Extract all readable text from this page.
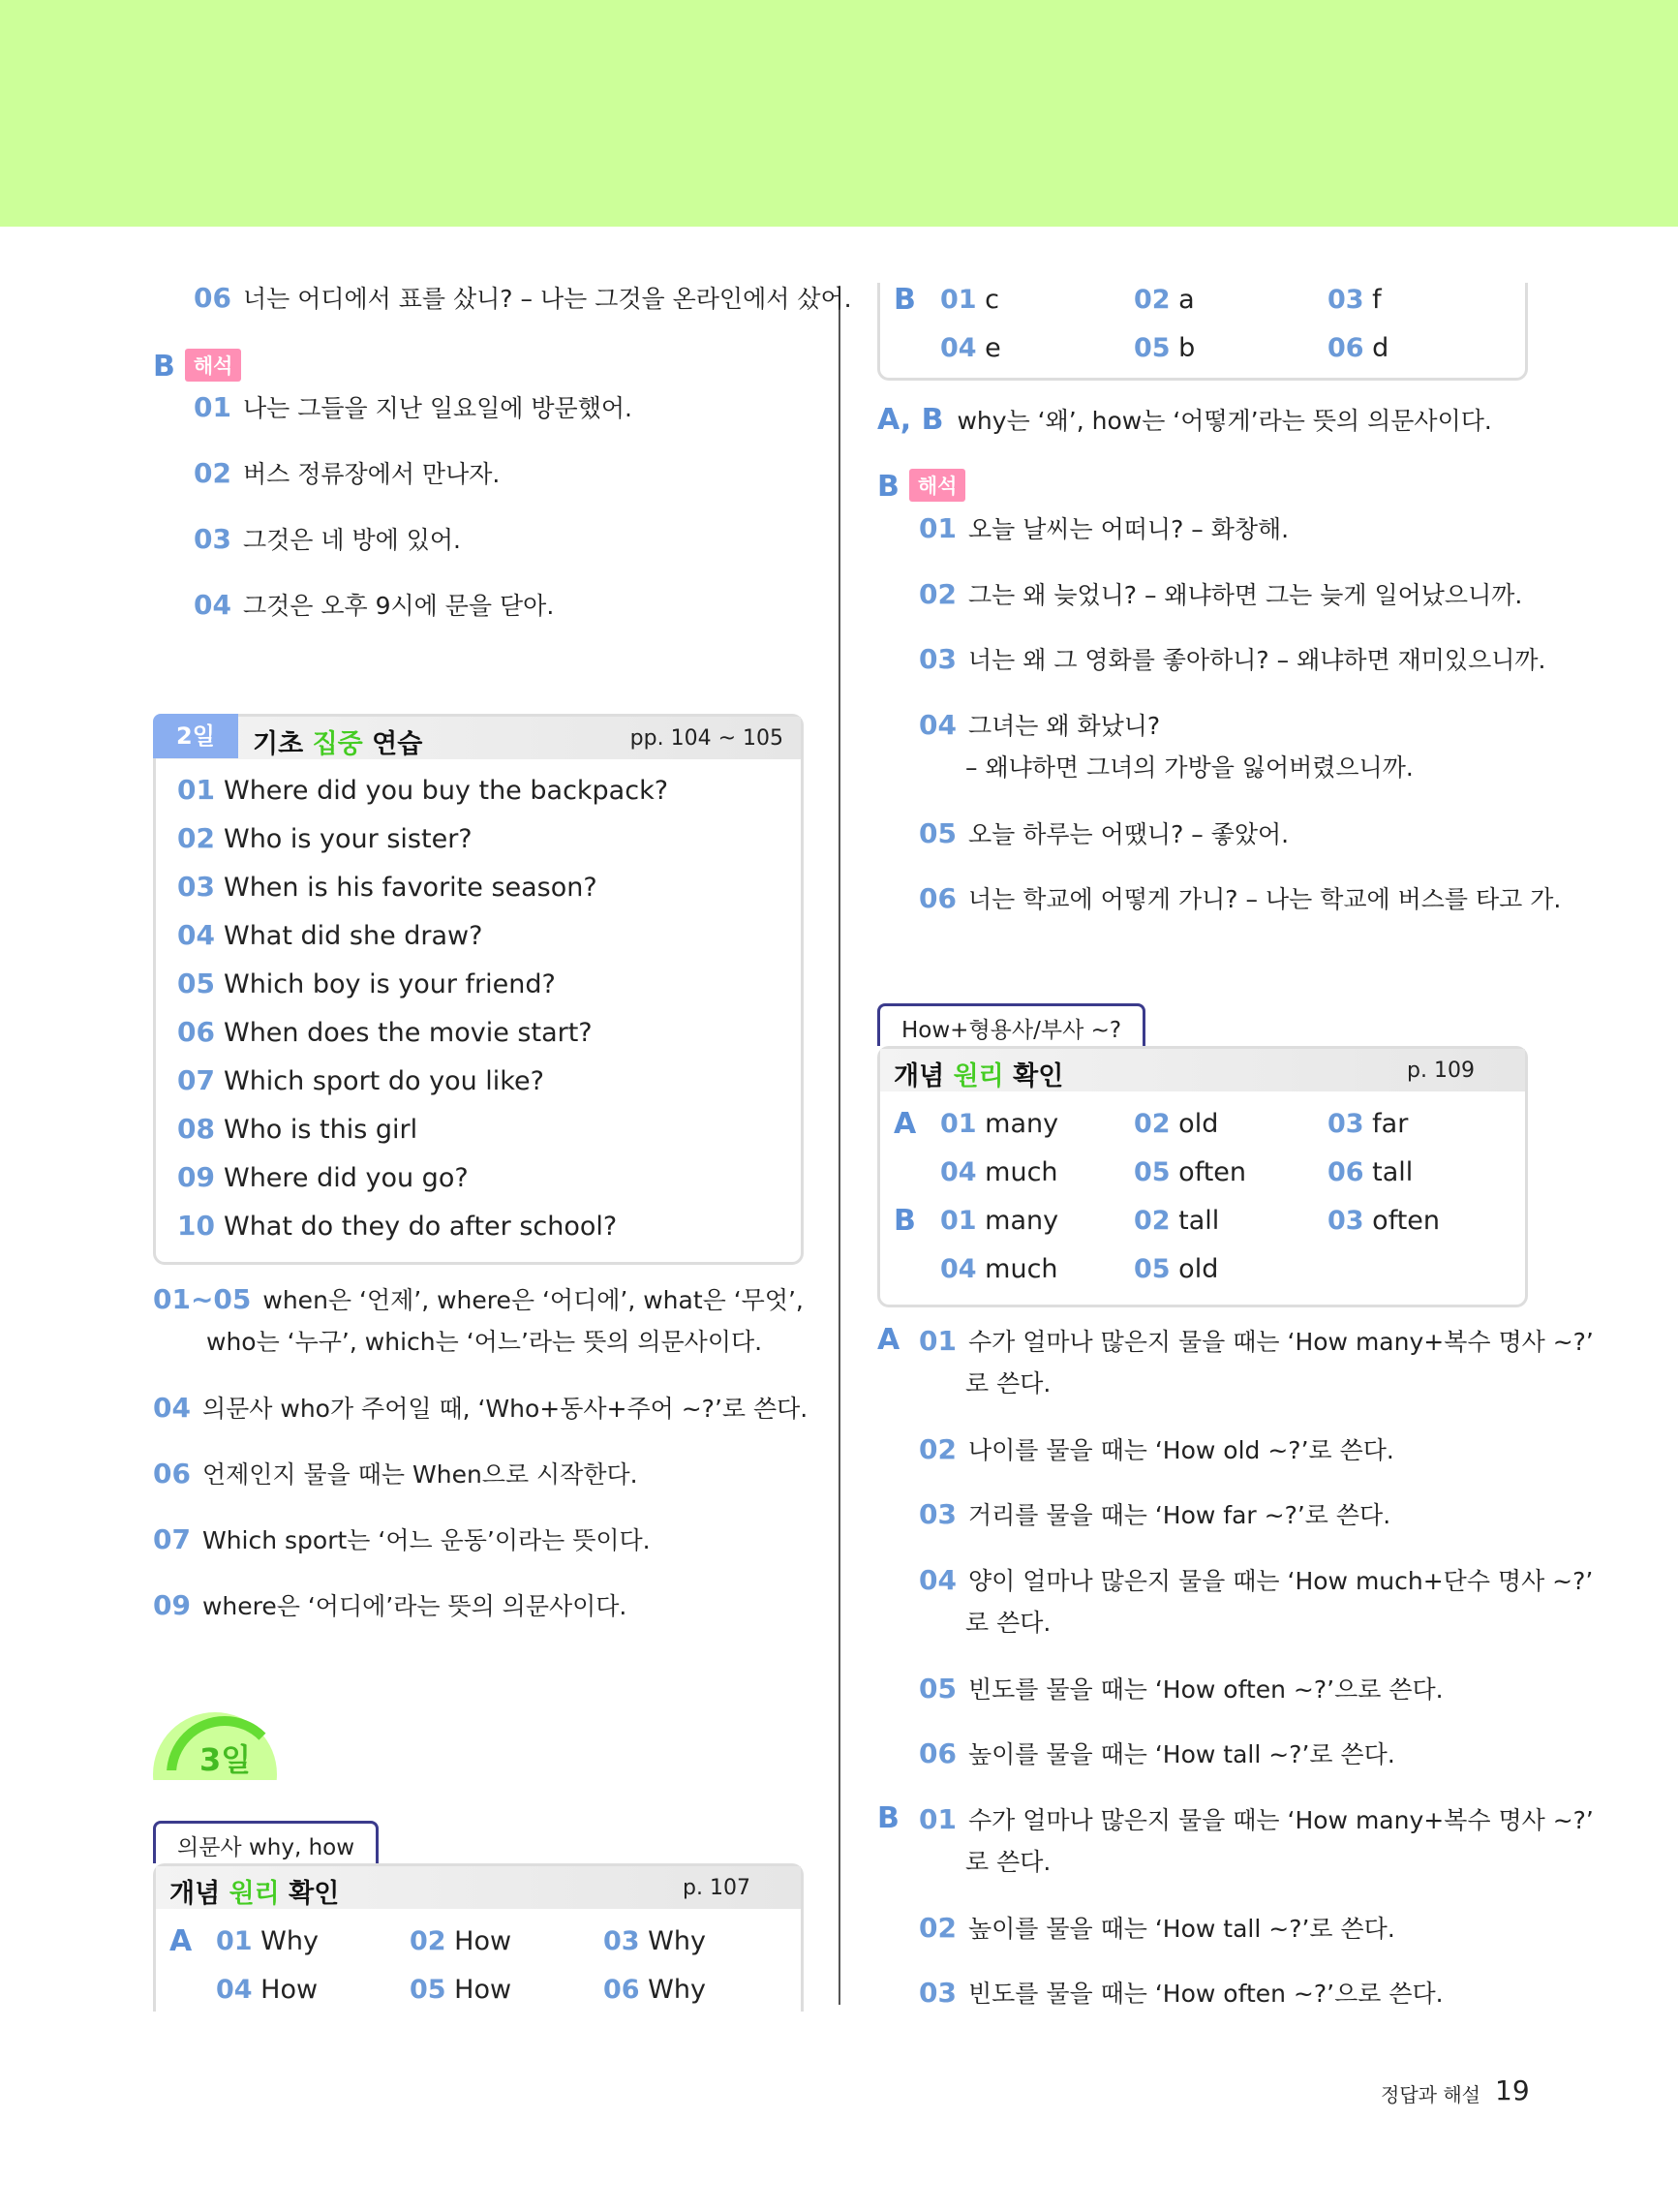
06 너는 어디에서 표를 샀니? – 나는 그것을 온라인에서 샀어.
B 해석
01 나는 그들을 지난 일요일에 방문했어.
02 버스 정류장에서 만나자.
03 그것은 네 방에 있어.
04 그것은 오후 9시에 문을 닫아.
2일	기초 집중 연습	pp. 104 ~ 105
01 Where did you buy the backpack?
02 Who is your sister?
03 When is his favorite season?
04 What did she draw?
05 Which boy is your friend?
06 When does the movie start?
07 Which sport do you like?
08 Who is this girl
09 Where did you go?
10 What do they do after school?
01~05 when은 ‘언제’, where은 ‘어디에’, what은 ‘무엇’,
who는 ‘누구’, which는 ‘어느’라는 뜻의 의문사이다.
04 의문사 who가 주어일 때, ‘Who+동사+주어 ~?’로 쓴다.
06 언제인지 물을 때는 When으로 시작한다.
07 Which sport는 ‘어느 운동’이라는 뜻이다.
09 where은 ‘어디에’라는 뜻의 의문사이다.
3일
의문사 why, how
개념 원리 확인	p. 107
A 01 Why	02 How	03 Why
04 How	05 How	06 Why
B 01 c	02 a	03 f
04 e	05 b	06 d
A, B why는 ‘왜’, how는 ‘어떻게’라는 뜻의 의문사이다.
B 해석
01 오늘 날씨는 어떠니? – 화창해.
02 그는 왜 늦었니? – 왜냐하면 그는 늦게 일어났으니까.
03 너는 왜 그 영화를 좋아하니? – 왜냐하면 재미있으니까.
04 그녀는 왜 화났니?
– 왜냐하면 그녀의 가방을 잃어버렸으니까.
05 오늘 하루는 어땠니? – 좋았어.
06 너는 학교에 어떻게 가니? – 나는 학교에 버스를 타고 가.
How+형용사/부사 ~?
개념 원리 확인	p. 109
A 01 many	02 old	03 far
04 much	05 often	06 tall
B 01 many	02 tall	03 often
04 much	05 old
A 01 수가 얼마나 많은지 물을 때는 ‘How many+복수 명사 ~?’
로 쓴다.
02 나이를 물을 때는 ‘How old ~?’로 쓴다.
03 거리를 물을 때는 ‘How far ~?’로 쓴다.
04 양이 얼마나 많은지 물을 때는 ‘How much+단수 명사 ~?’
로 쓴다.
05 빈도를 물을 때는 ‘How often ~?’으로 쓴다.
06 높이를 물을 때는 ‘How tall ~?’로 쓴다.
B 01 수가 얼마나 많은지 물을 때는 ‘How many+복수 명사 ~?’
로 쓴다.
02 높이를 물을 때는 ‘How tall ~?’로 쓴다.
03 빈도를 물을 때는 ‘How often ~?’으로 쓴다.
정답과 해설 19
